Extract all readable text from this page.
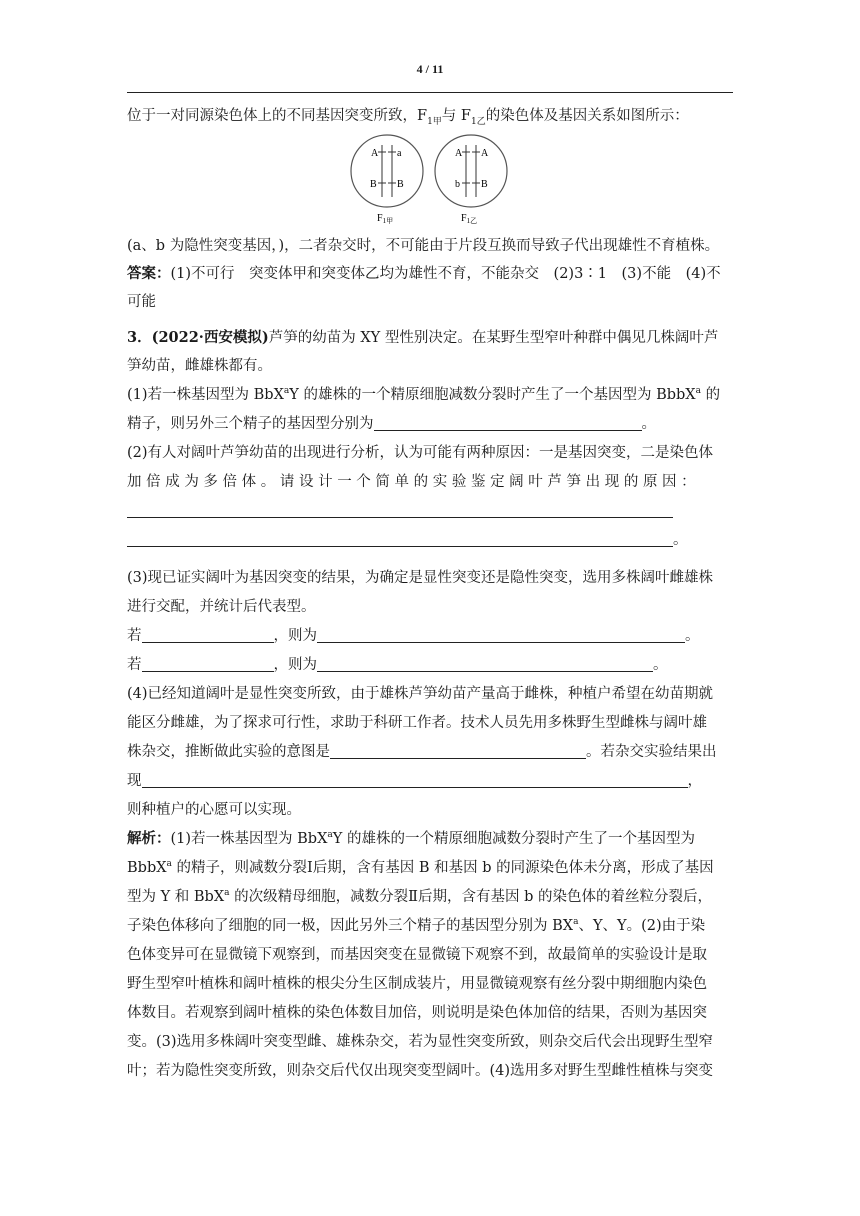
4 / 11
位于一对同源染色体上的不同基因突变所致，$F_{1甲}$与 $F_{1乙}$的染色体及基因关系如图所示：
A a
B B
$F_{1甲}$
A A
b B
$F_{1乙}$
(a、b 为隐性突变基因，)，二者杂交时，不可能由于片段互换而导致子代出现雄性不育植株。
答案：(1)不可行　突变体甲和突变体乙均为雄性不育，不能杂交　(2)3∶1　(3)不能　(4)不
可能
3．(2022·西安模拟)芦笋的幼苗为 XY 型性别决定。在某野生型窄叶种群中偶见几株阔叶芦
笋幼苗，雌雄株都有。
(1)若一株基因型为 BbX$^a$Y 的雄株的一个精原细胞减数分裂时产生了一个基因型为 BbbX$^a$ 的
精子，则另外三个精子的基因型分别为	。
(2)有人对阔叶芦笋幼苗的出现进行分析，认为可能有两种原因：一是基因突变，二是染色体
加 倍 成 为 多 倍 体 。 请 设 计 一 个 简 单 的 实 验 鉴 定 阔 叶 芦 笋 出 现 的 原 因 ：
。
(3)现已证实阔叶为基因突变的结果，为确定是显性突变还是隐性突变，选用多株阔叶雌雄株
进行交配，并统计后代表型。
若	，则为	。
若	，则为	。
(4)已经知道阔叶是显性突变所致，由于雄株芦笋幼苗产量高于雌株，种植户希望在幼苗期就
能区分雌雄，为了探求可行性，求助于科研工作者。技术人员先用多株野生型雌株与阔叶雄
株杂交，推断做此实验的意图是	。若杂交实验结果出
现	，
则种植户的心愿可以实现。
解析：(1)若一株基因型为 BbX$^a$Y 的雄株的一个精原细胞减数分裂时产生了一个基因型为
BbbX$^a$ 的精子，则减数分裂Ⅰ后期，含有基因 B 和基因 b 的同源染色体未分离，形成了基因
型为 Y 和 BbX$^a$ 的次级精母细胞，减数分裂Ⅱ后期，含有基因 b 的染色体的着丝粒分裂后，
子染色体移向了细胞的同一极，因此另外三个精子的基因型分别为 $BX^a$、Y、Y。(2)由于染
色体变异可在显微镜下观察到，而基因突变在显微镜下观察不到，故最简单的实验设计是取
野生型窄叶植株和阔叶植株的根尖分生区制成装片，用显微镜观察有丝分裂中期细胞内染色
体数目。若观察到阔叶植株的染色体数目加倍，则说明是染色体加倍的结果，否则为基因突
变。(3)选用多株阔叶突变型雌、雄株杂交，若为显性突变所致，则杂交后代会出现野生型窄
叶；若为隐性突变所致，则杂交后代仅出现突变型阔叶。(4)选用多对野生型雌性植株与突变
